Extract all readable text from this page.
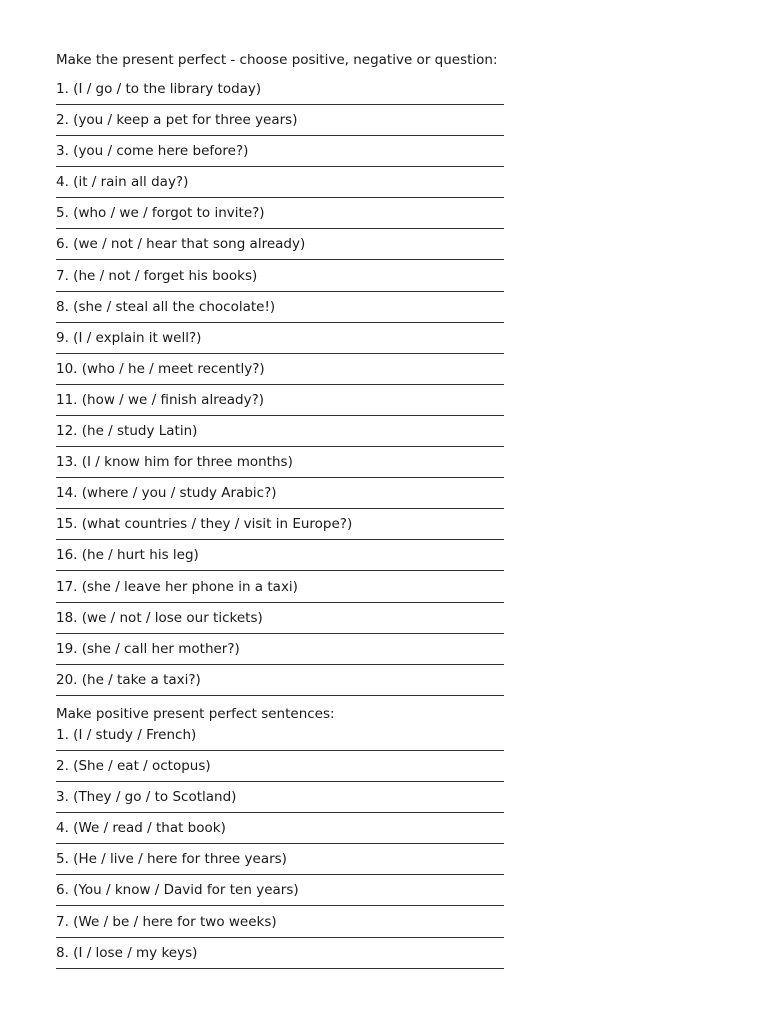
Make the present perfect - choose positive, negative or question:
1. (I / go / to the library today)
2. (you / keep a pet for three years)
3. (you / come here before?)
4. (it / rain all day?)
5. (who / we / forgot to invite?)
6. (we / not / hear that song already)
7. (he / not / forget his books)
8. (she / steal all the chocolate!)
9. (I / explain it well?)
10. (who / he / meet recently?)
11. (how / we / finish already?)
12. (he / study Latin)
13. (I / know him for three months)
14. (where / you / study Arabic?)
15. (what countries / they / visit in Europe?)
16. (he / hurt his leg)
17. (she / leave her phone in a taxi)
18. (we / not / lose our tickets)
19. (she / call her mother?)
20. (he / take a taxi?)
Make positive present perfect sentences:
1. (I / study / French)
2. (She / eat / octopus)
3. (They / go / to Scotland)
4. (We / read / that book)
5. (He / live / here for three years)
6. (You / know / David for ten years)
7. (We / be / here for two weeks)
8. (I / lose / my keys)
